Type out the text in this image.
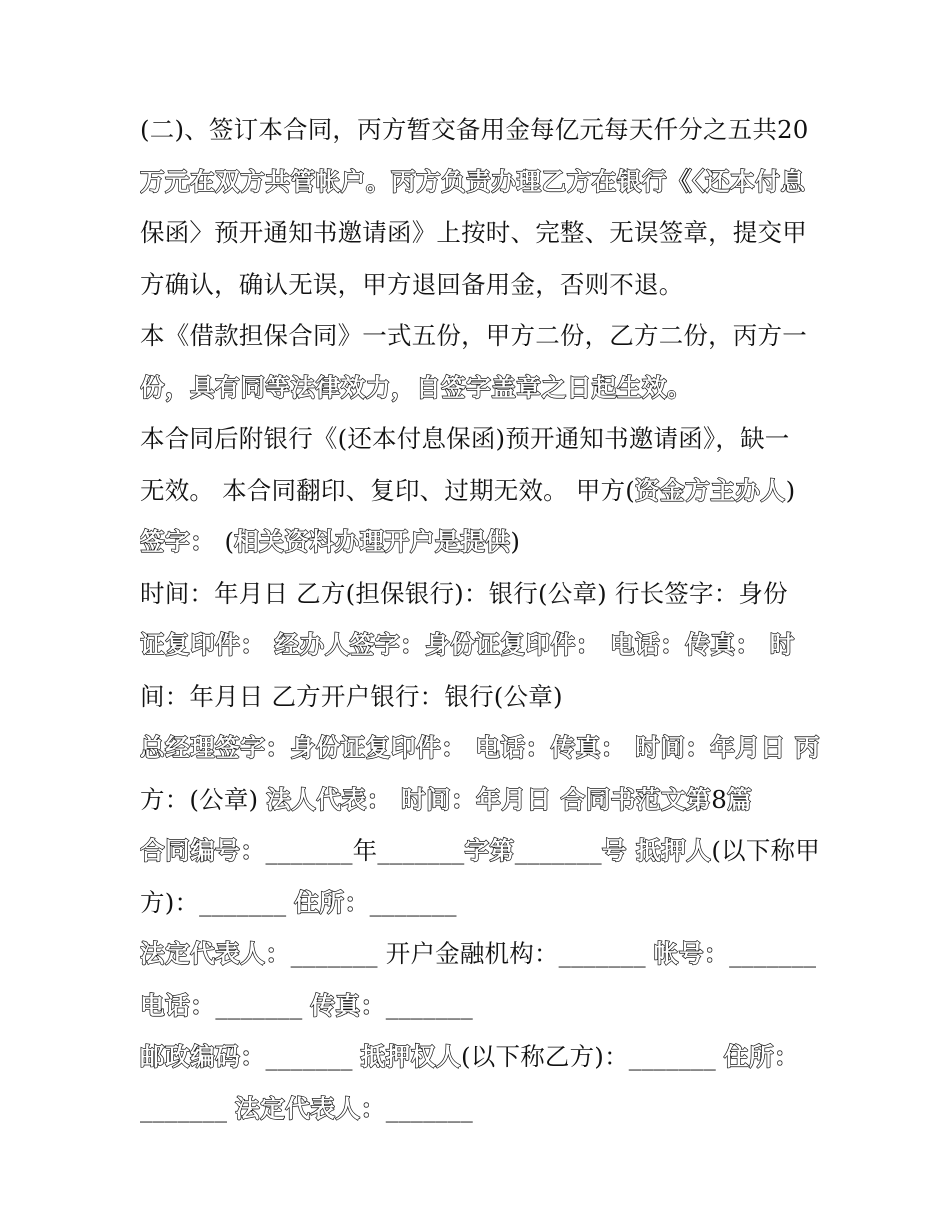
(二)、签订本合同，丙方暂交备用金每亿元每天仟分之五共20
万元在双方共管帐户。丙方负责办理乙方在银行《〈还本付息
保函〉预开通知书邀请函》上按时、完整、无误签章，提交甲
方确认，确认无误，甲方退回备用金，否则不退。
本《借款担保合同》一式五份，甲方二份，乙方二份，丙方一
份，具有同等法律效力，自签字盖章之日起生效。
本合同后附银行《(还本付息保函)预开通知书邀请函》，缺一
无效。 本合同翻印、复印、过期无效。 甲方(资金方主办人)
签字： (相关资料办理开户是提供)
时间：年月日 乙方(担保银行)：银行(公章) 行长签字：身份
证复印件： 经办人签字：身份证复印件： 电话：传真： 时
间：年月日 乙方开户银行：银行(公章)
总经理签字：身份证复印件： 电话：传真： 时间：年月日 丙
方：(公章) 法人代表： 时间：年月日 合同书范文第8篇
合同编号：_______年_______字第_______号 抵押人(以下称甲
方)：_______ 住所：_______
法定代表人：_______ 开户金融机构：_______ 帐号：_______
电话：_______ 传真：_______
邮政编码：_______ 抵押权人(以下称乙方)：_______ 住所：
_______ 法定代表人：_______
